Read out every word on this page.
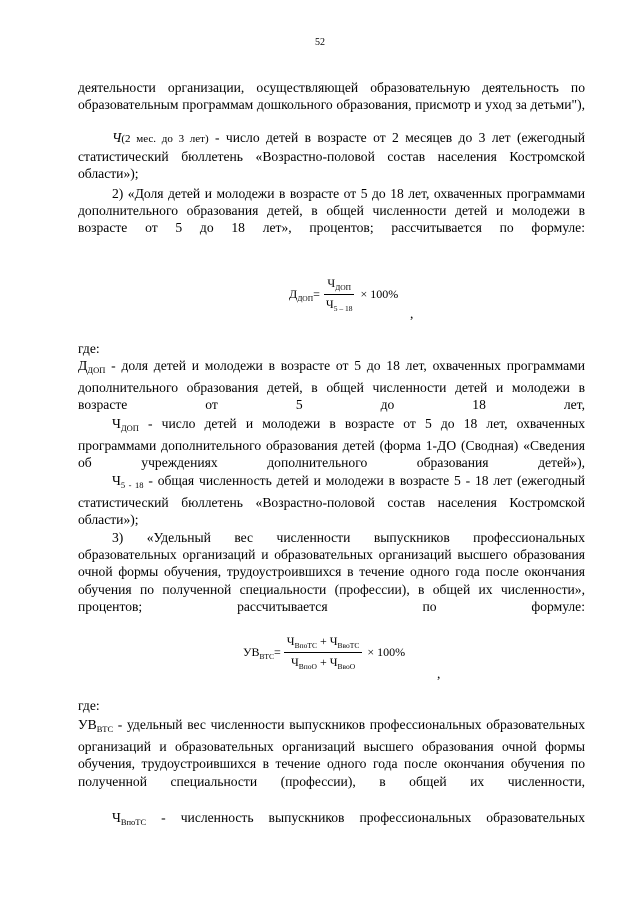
52

деятельности организации, осуществляющей образовательную деятельность по образовательным программам дошкольного образования, присмотр и уход за детьми"),

Ч(2 мес. до 3 лет) - число детей в возрасте от 2 месяцев до 3 лет (ежегодный статистический бюллетень «Возрастно-половой состав населения Костромской области»);

2) «Доля детей и молодежи в возрасте от 5 до 18 лет, охваченных программами дополнительного образования детей, в общей численности детей и молодежи в возрасте от 5 до 18 лет», процентов; рассчитывается по формуле:

$Д_{ДОП}= \frac{Ч_{ДОП}}{Ч_{5 - 18}} \times 100\%$
,

где:

$Д_{ДОП}$ - доля детей и молодежи в возрасте от 5 до 18 лет, охваченных программами дополнительного образования детей, в общей численности детей и молодежи в возрасте от 5 до 18 лет,

$Ч_{ДОП}$ - число детей и молодежи в возрасте от 5 до 18 лет, охваченных программами дополнительного образования детей (форма 1-ДО (Сводная) «Сведения об учреждениях дополнительного образования детей»),

$Ч_{5 - 18}$ - общая численность детей и молодежи в возрасте 5 - 18 лет (ежегодный статистический бюллетень «Возрастно-половой состав населения Костромской области»);

3) «Удельный вес численности выпускников профессиональных образовательных организаций и образовательных организаций высшего образования очной формы обучения, трудоустроившихся в течение одного года после окончания обучения по полученной специальности (профессии), в общей их численности», процентов; рассчитывается по формуле:

$УВ_{ВТС}= \frac{Ч_{ВпоТС} + Ч_{ВвоТС}}{Ч_{ВпоО} + Ч_{ВвоО}} \times 100\%$
,

где:

$УВ_{ВТС}$ - удельный вес численности выпускников профессиональных образовательных организаций и образовательных организаций высшего образования очной формы обучения, трудоустроившихся в течение одного года после окончания обучения по полученной специальности (профессии), в общей их численности,

$Ч_{ВпоТС}$ - численность выпускников профессиональных образовательных
